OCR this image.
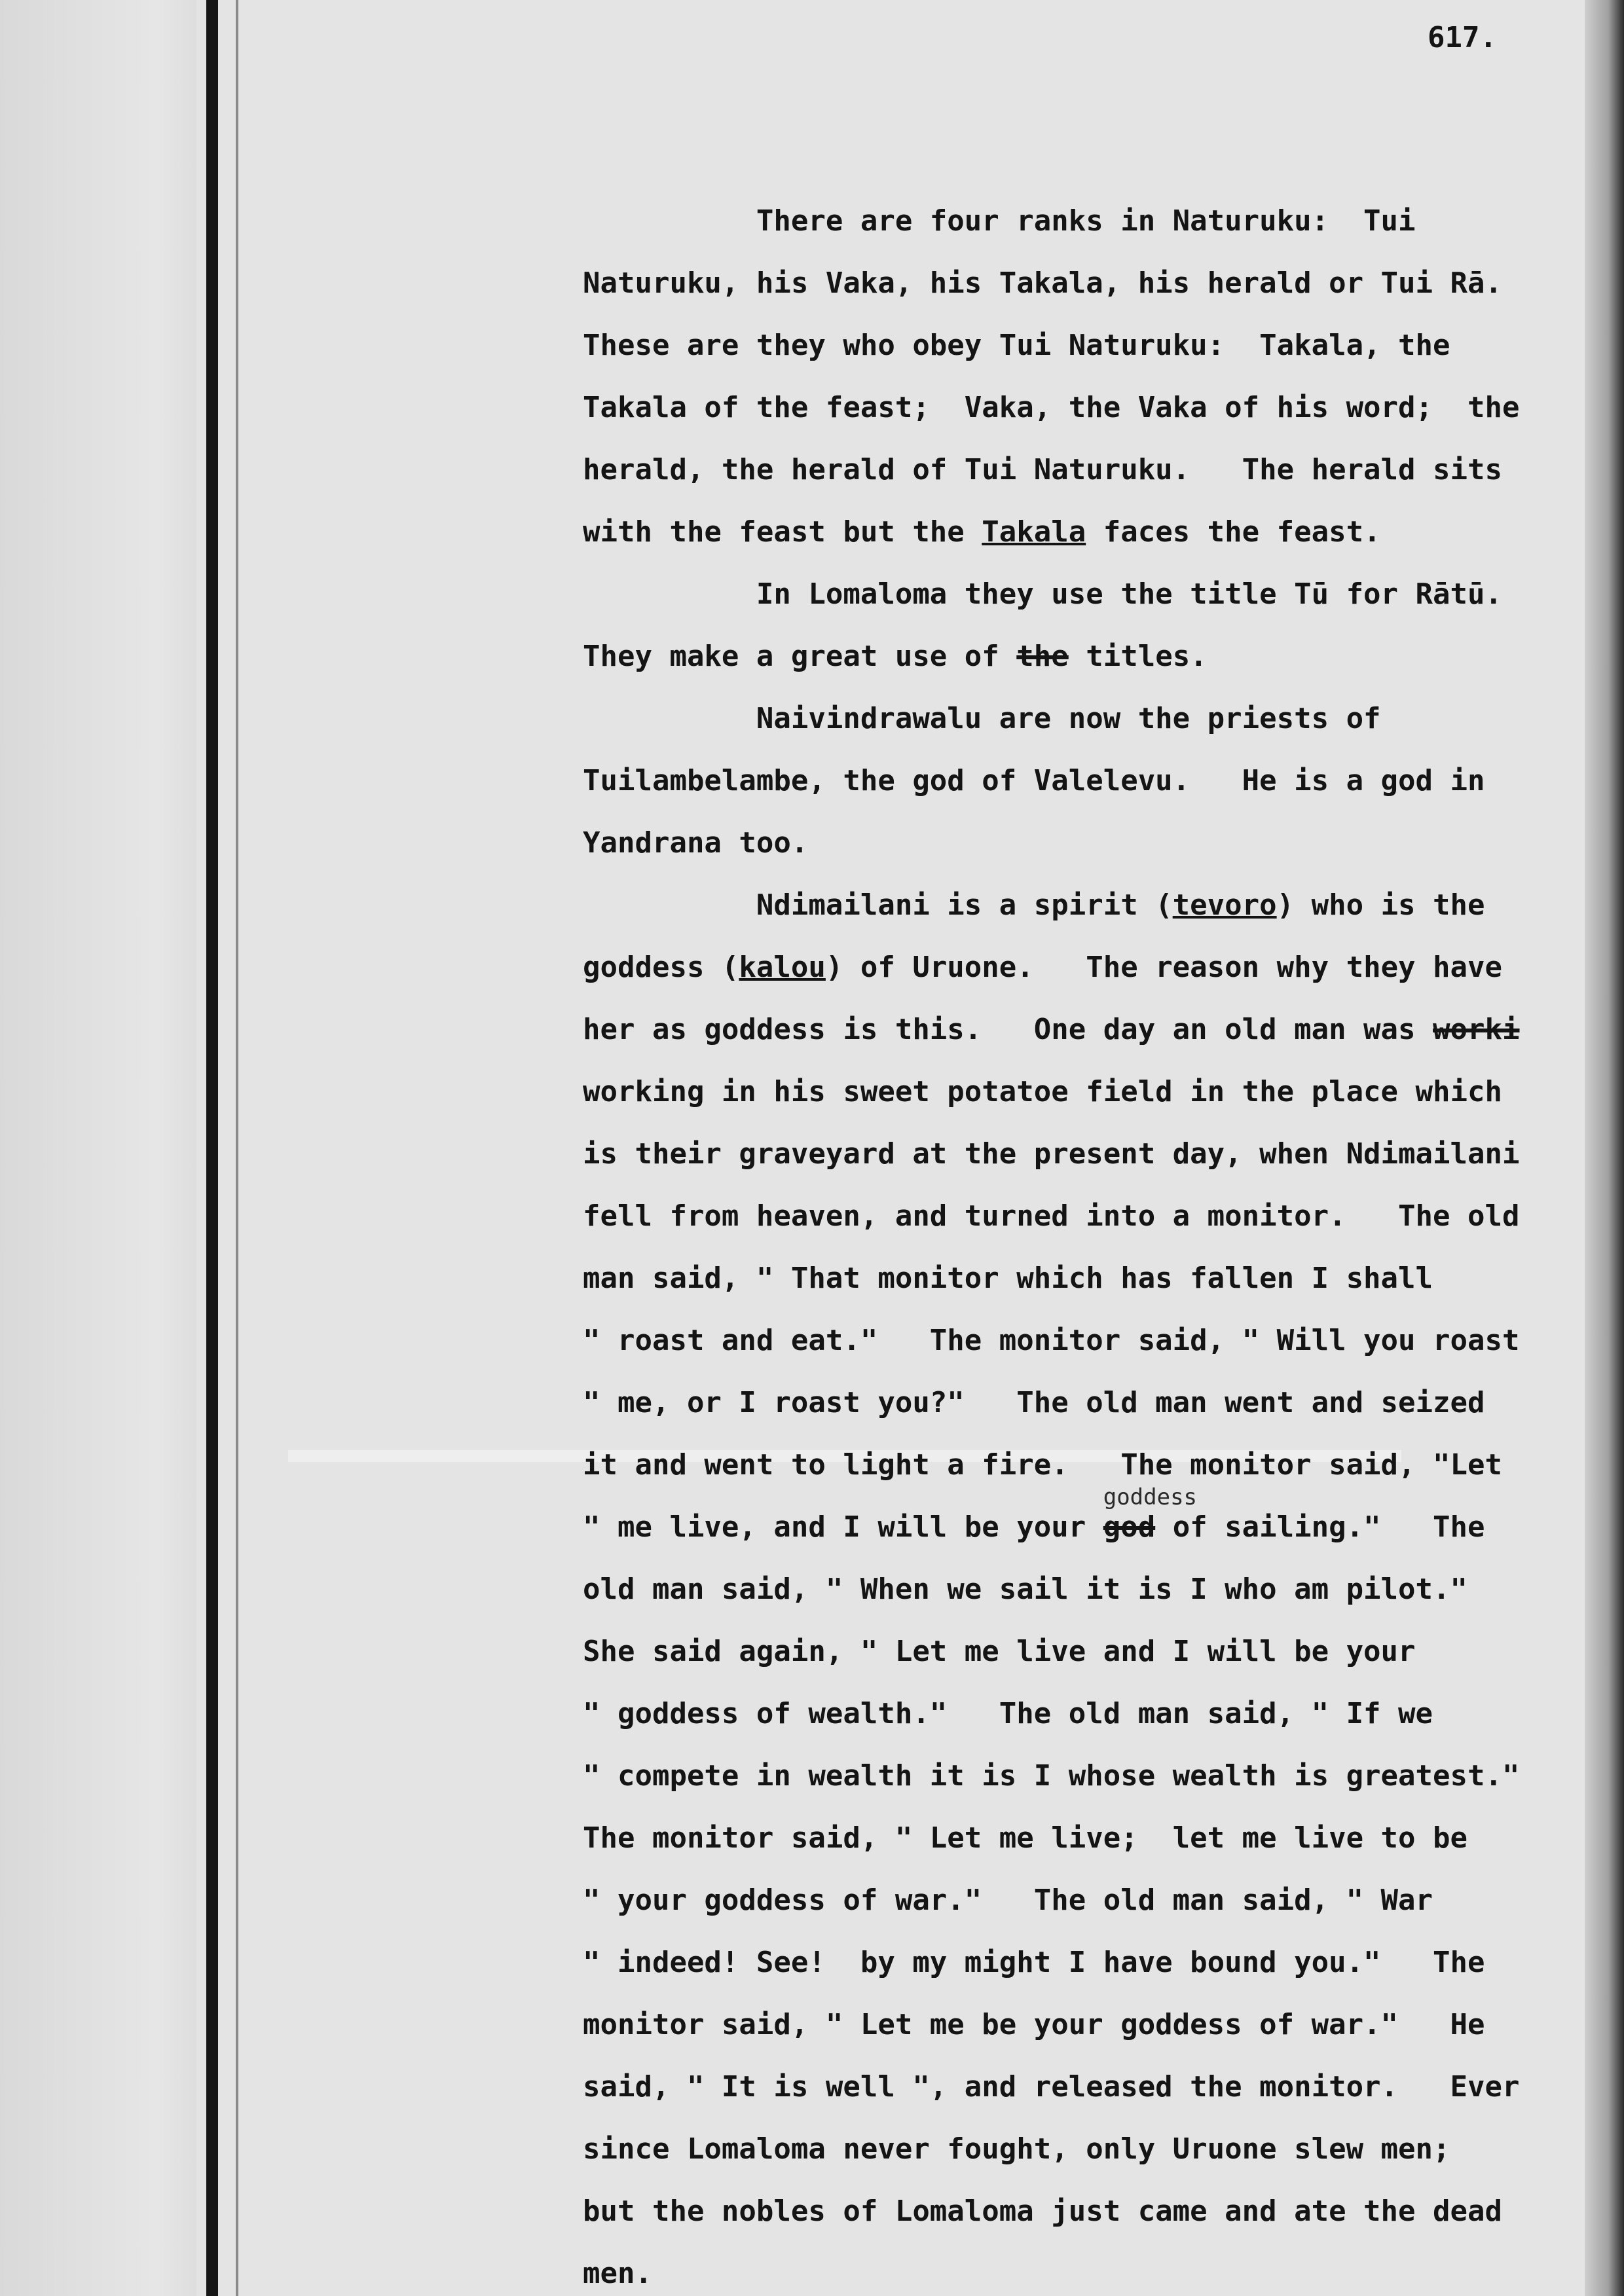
617.
There are four ranks in Naturuku:  Tui
Naturuku, his Vaka, his Takala, his herald or Tui Rā.
These are they who obey Tui Naturuku:  Takala, the
Takala of the feast;  Vaka, the Vaka of his word;  the
herald, the herald of Tui Naturuku.   The herald sits
with the feast but the Takala faces the feast.
In Lomaloma they use the title Tū for Rātū.
They make a great use of the titles.
Naivindrawalu are now the priests of
Tuilambelambe, the god of Valelevu.   He is a god in
Yandrana too.
Ndimailani is a spirit (tevoro) who is the
goddess (kalou) of Uruone.   The reason why they have
her as goddess is this.   One day an old man was worki
working in his sweet potatoe field in the place which
is their graveyard at the present day, when Ndimailani
fell from heaven, and turned into a monitor.   The old
man said, " That monitor which has fallen I shall
" roast and eat."   The monitor said, " Will you roast
" me, or I roast you?"   The old man went and seized
it and went to light a fire.   The monitor said, "Let
" me live, and I will be your
goddess
god of sailing."   The
old man said, " When we sail it is I who am pilot."
She said again, " Let me live and I will be your
" goddess of wealth."   The old man said, " If we
" compete in wealth it is I whose wealth is greatest."
The monitor said, " Let me live;  let me live to be
" your goddess of war."   The old man said, " War
" indeed! See!  by my might I have bound you."   The
monitor said, " Let me be your goddess of war."   He
said, " It is well ", and released the monitor.   Ever
since Lomaloma never fought, only Uruone slew men;
but the nobles of Lomaloma just came and ate the dead
men.
